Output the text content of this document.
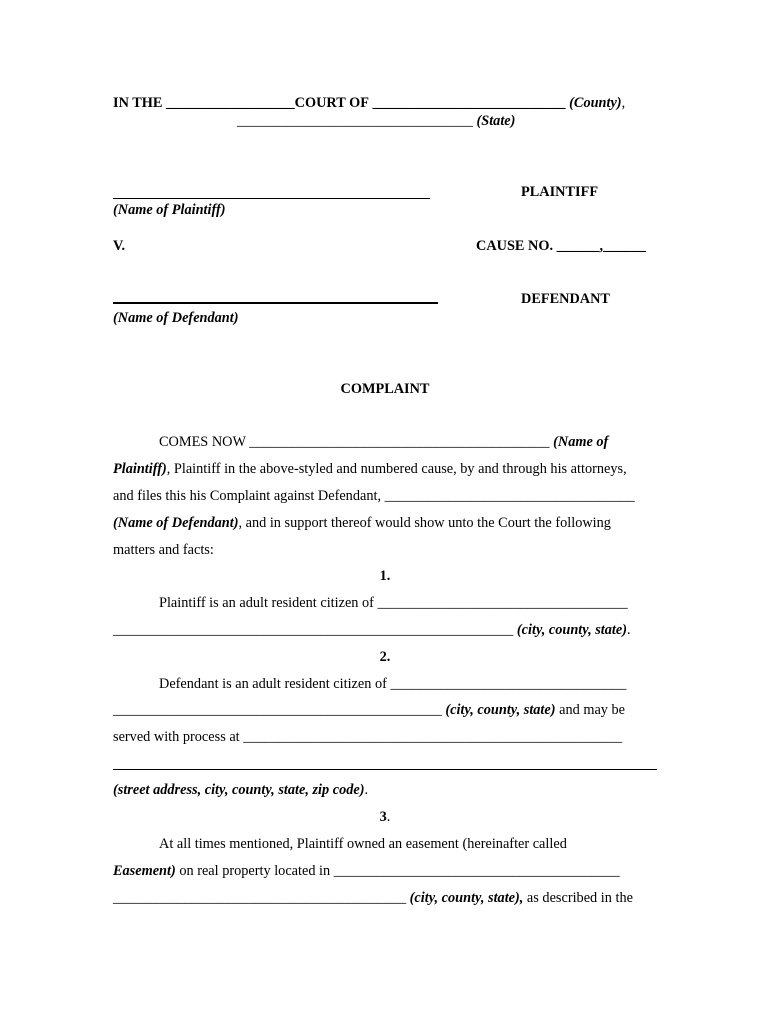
IN THE __________________COURT OF ___________________________ (County),
_________________________________ (State)
PLAINTIFF
(Name of Plaintiff)
V.	CAUSE NO. ______,______
DEFENDANT
(Name of Defendant)
COMPLAINT
COMES NOW __________________________________________ (Name of
Plaintiff), Plaintiff in the above-styled and numbered cause, by and through his attorneys,
and files this his Complaint against Defendant, ___________________________________
(Name of Defendant), and in support thereof would show unto the Court the following
matters and facts:
1.
Plaintiff is an adult resident citizen of ___________________________________
________________________________________________________ (city, county, state).
2.
Defendant is an adult resident citizen of _________________________________
______________________________________________ (city, county, state) and may be
served with process at _____________________________________________________
(street address, city, county, state, zip code).
3.
At all times mentioned, Plaintiff owned an easement (hereinafter called
Easement) on real property located in ________________________________________
_________________________________________ (city, county, state), as described in the
